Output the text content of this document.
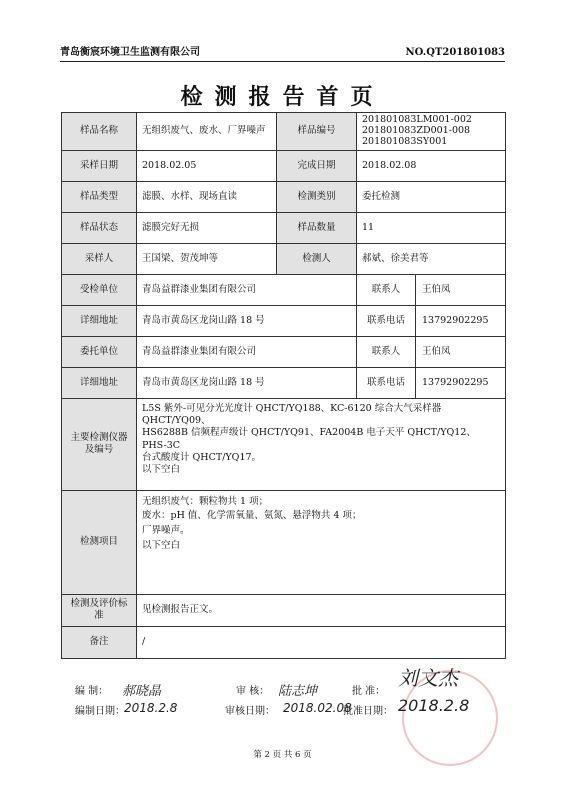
青岛衡宸环境卫生监测有限公司	NO.QT201801083
检测报告首页
样品名称	无组织废气、废水、厂界噪声	样品编号	201801083LM001-002
201801083ZD001-008
201801083SY001

采样日期	2018.02.05	完成日期	2018.02.08
样品类型	滤膜、水样、现场直读	检测类别	委托检测
样品状态	滤膜完好无损	样品数量	11
采样人	王国梁、贺茂坤等	检测人	郝斌、徐美君等
受检单位	青岛益群漆业集团有限公司		联系人 王伯凤

详细地址	青岛市黄岛区龙岗山路 18 号		联系电话 13792902295

委托单位	青岛益群漆业集团有限公司		联系人 王伯凤

详细地址	青岛市黄岛区龙岗山路 18 号		联系电话 13792902295

主要检测仪器及编号	L5S 紫外-可见分光光度计 QHCT/YQ188、KC-6120 综合大气采样器 QHCT/YQ09、
HS6288B 信频程声级计 QHCT/YQ91、FA2004B 电子天平 QHCT/YQ12、PHS-3C
台式酸度计 QHCT/YQ17。
以下空白		

检测项目	无组织废气：颗粒物共 1 项；
废水：pH 值、化学需氧量、氨氮、悬浮物共 4 项；
厂界噪声。
以下空白		

检测及评价标准	见检测报告正文。		
备注	/		
编 制： 郝晓晶	审 核： 陆志坤	批 准：
刘文杰
编制日期： 2018.2.8	审核日期： 2018.02.08
批准日期： 2018.2.8
第 2 页 共 6 页
